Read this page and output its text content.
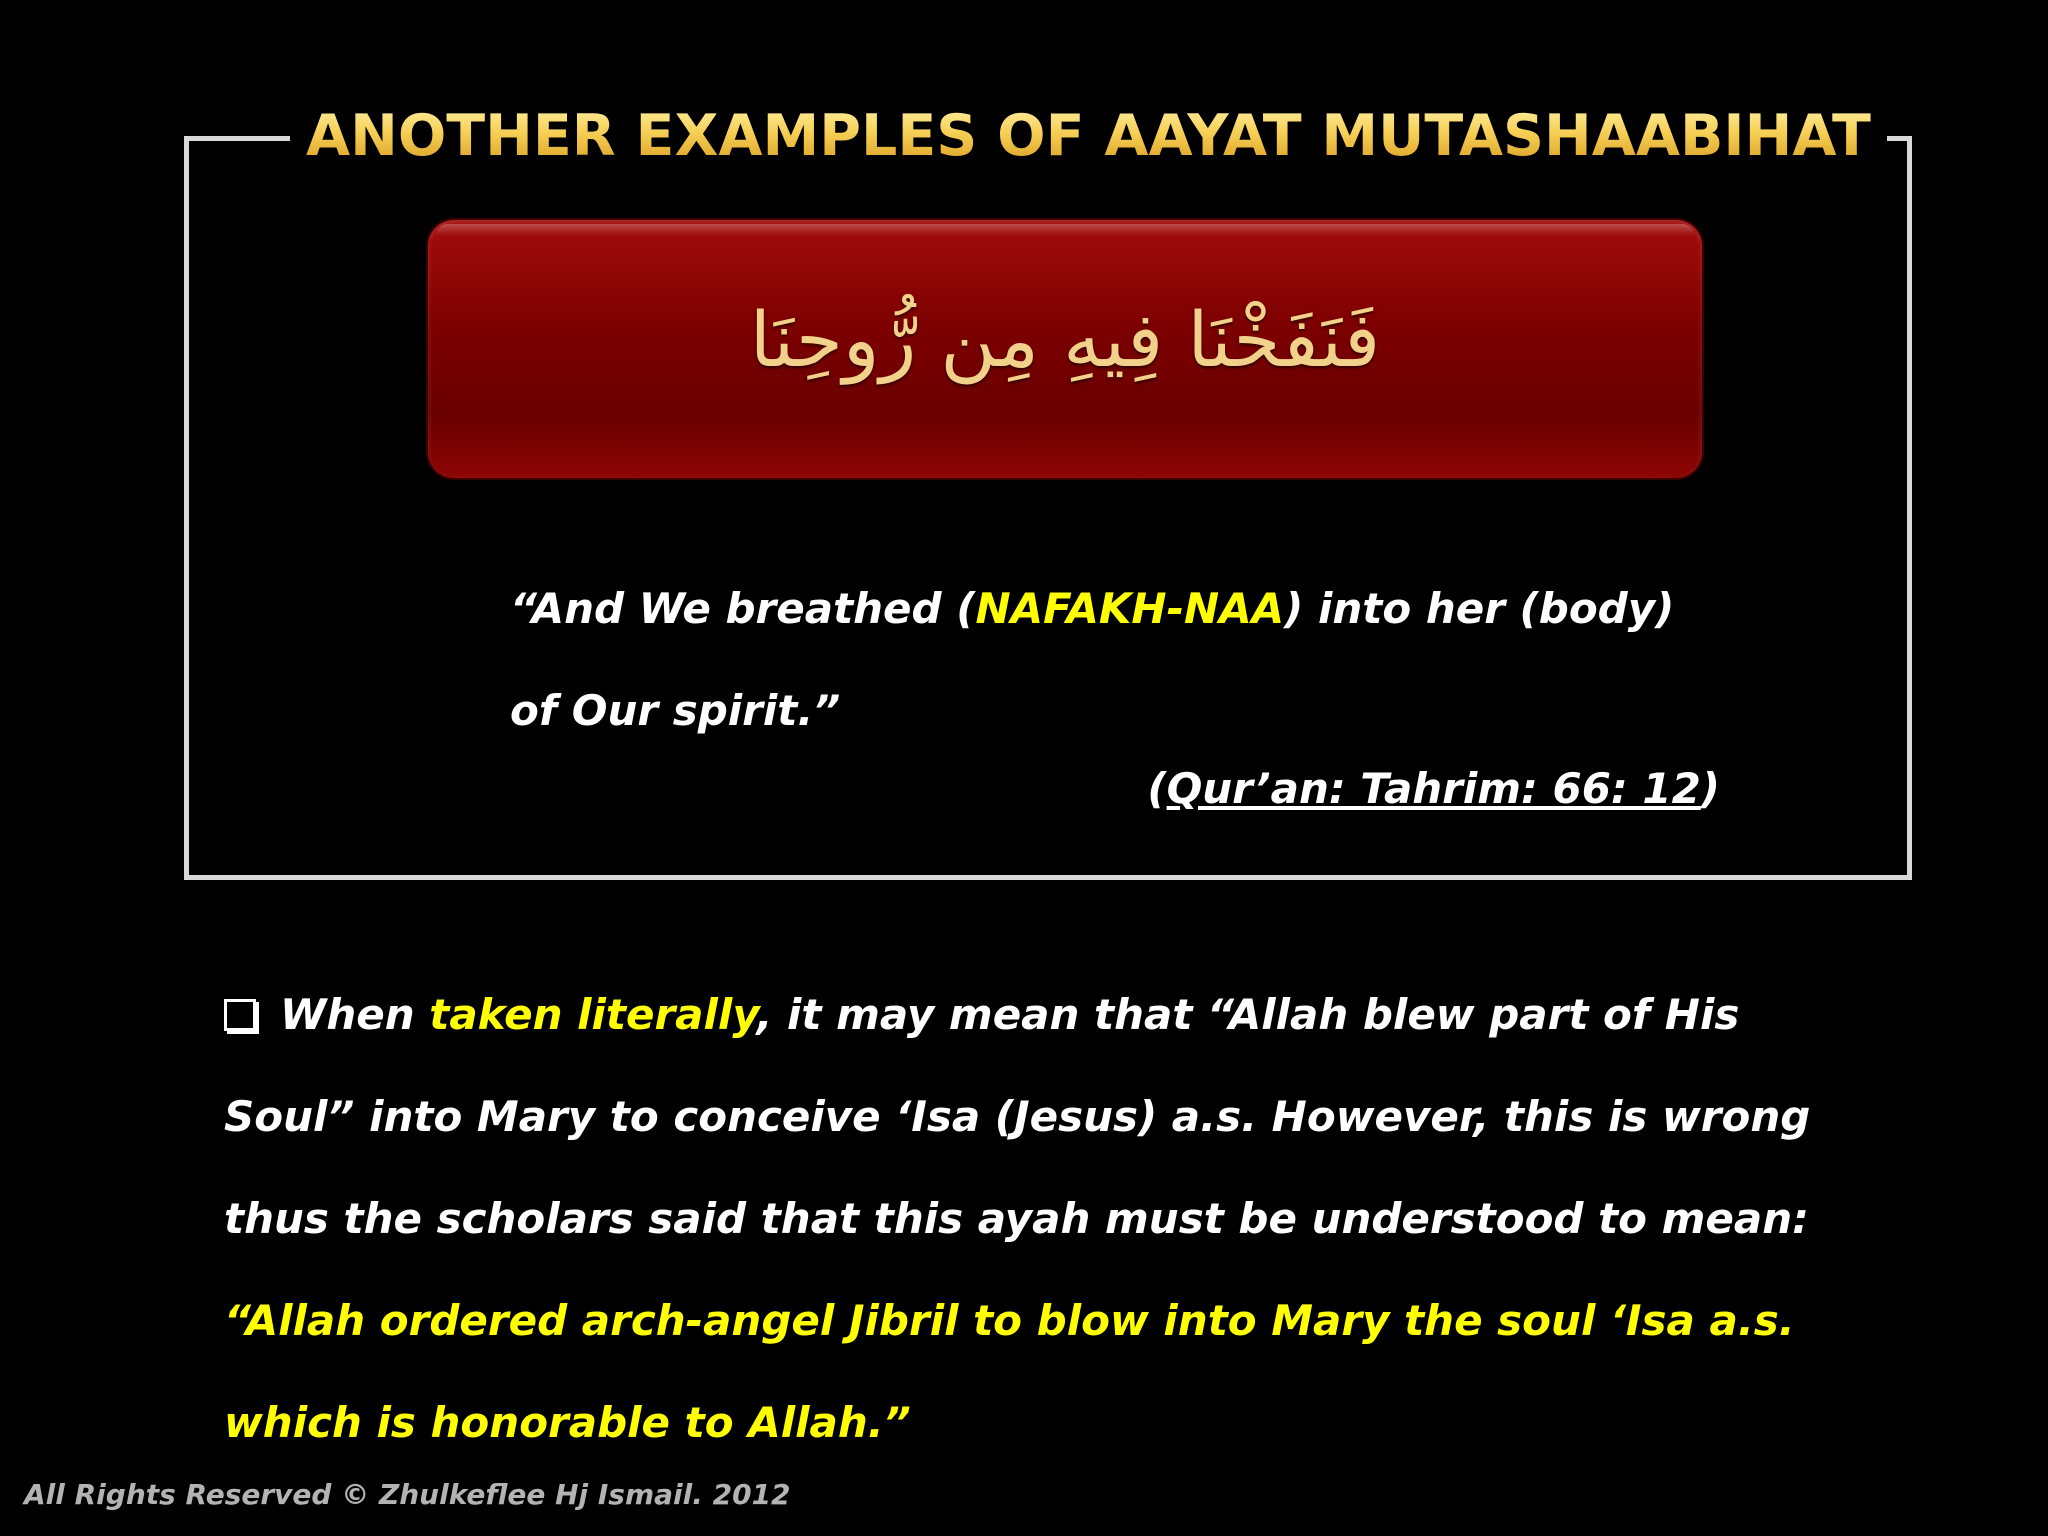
ANOTHER EXAMPLES OF AAYAT MUTASHAABIHAT
فَنَفَخْنَا فِيهِ مِن رُّوحِنَا
“And We breathed (NAFAKH-NAA) into her (body)
of Our spirit.”
(Qur’an: Tahrim: 66: 12)
When taken literally, it may mean that “Allah blew part of His
Soul” into Mary to conceive ‘Isa (Jesus) a.s. However, this is wrong
thus the scholars said that this ayah must be understood to mean:
“Allah ordered arch-angel Jibril to blow into Mary the soul ‘Isa a.s.
which is honorable to Allah.”
All Rights Reserved © Zhulkeflee Hj Ismail. 2012
